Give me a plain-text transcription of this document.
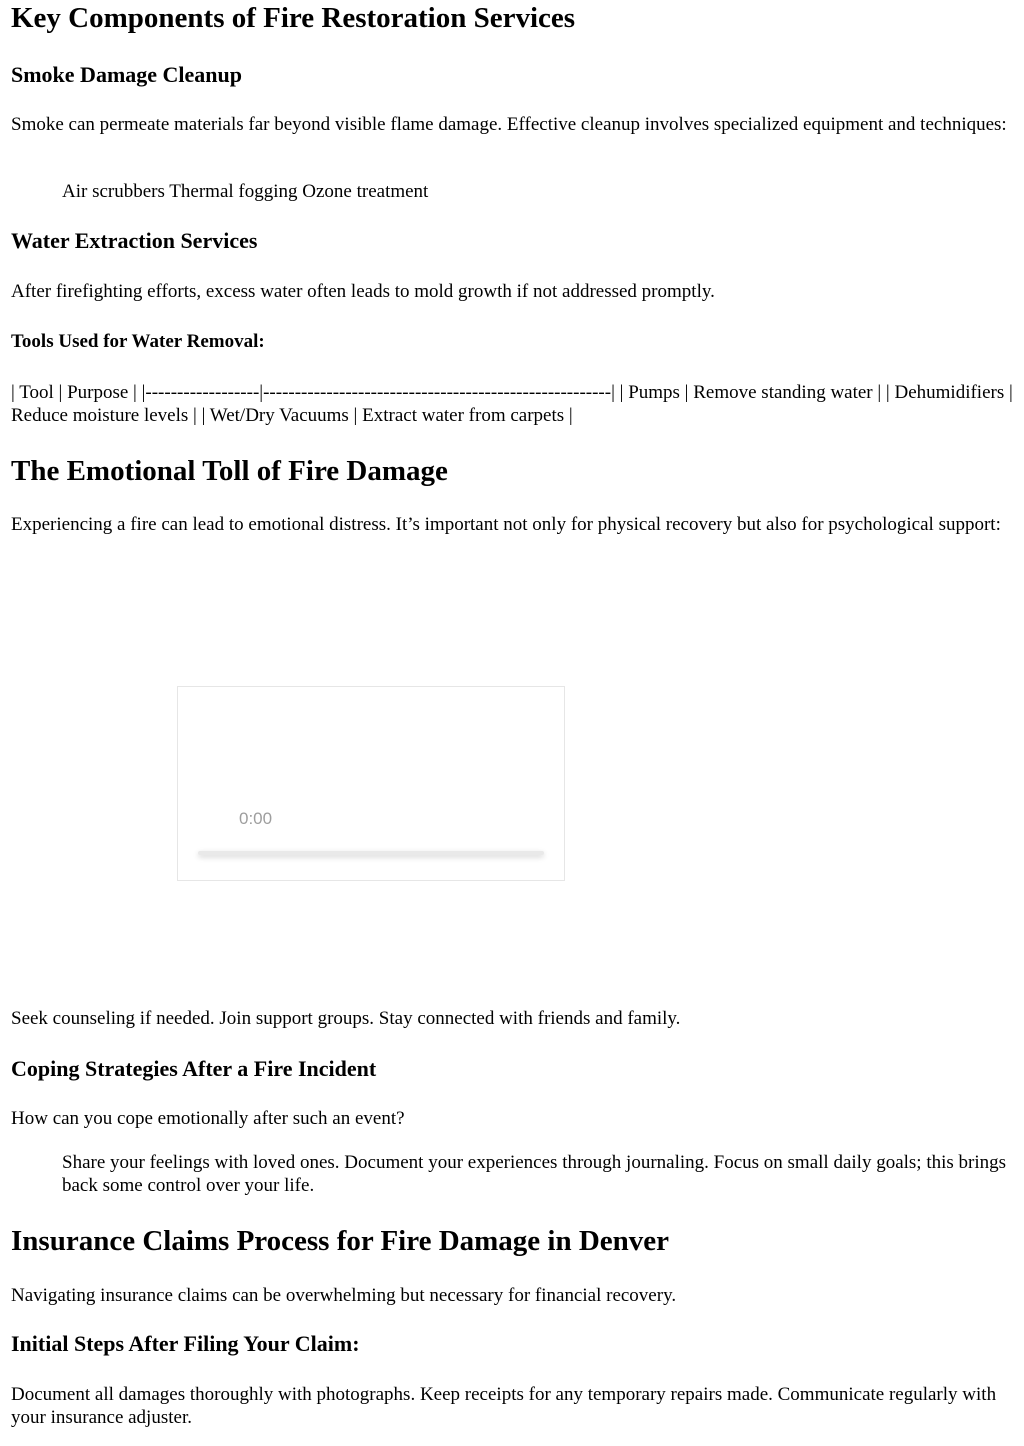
Key Components of Fire Restoration Services
Smoke Damage Cleanup

Smoke can permeate materials far beyond visible flame damage. Effective cleanup involves specialized equipment and techniques:

Air scrubbers Thermal fogging Ozone treatment

Water Extraction Services

After firefighting efforts, excess water often leads to mold growth if not addressed promptly.

Tools Used for Water Removal:

| Tool | Purpose | |------------------|-------------------------------------------------------| | Pumps | Remove standing water | | Dehumidifiers | Reduce moisture levels | | Wet/Dry Vacuums | Extract water from carpets |

The Emotional Toll of Fire Damage

Experiencing a fire can lead to emotional distress. It’s important not only for physical recovery but also for psychological support:

0:00

Seek counseling if needed. Join support groups. Stay connected with friends and family.

Coping Strategies After a Fire Incident

How can you cope emotionally after such an event?

Share your feelings with loved ones. Document your experiences through journaling. Focus on small daily goals; this brings back some control over your life.

Insurance Claims Process for Fire Damage in Denver

Navigating insurance claims can be overwhelming but necessary for financial recovery.

Initial Steps After Filing Your Claim:

Document all damages thoroughly with photographs. Keep receipts for any temporary repairs made. Communicate regularly with your insurance adjuster.
